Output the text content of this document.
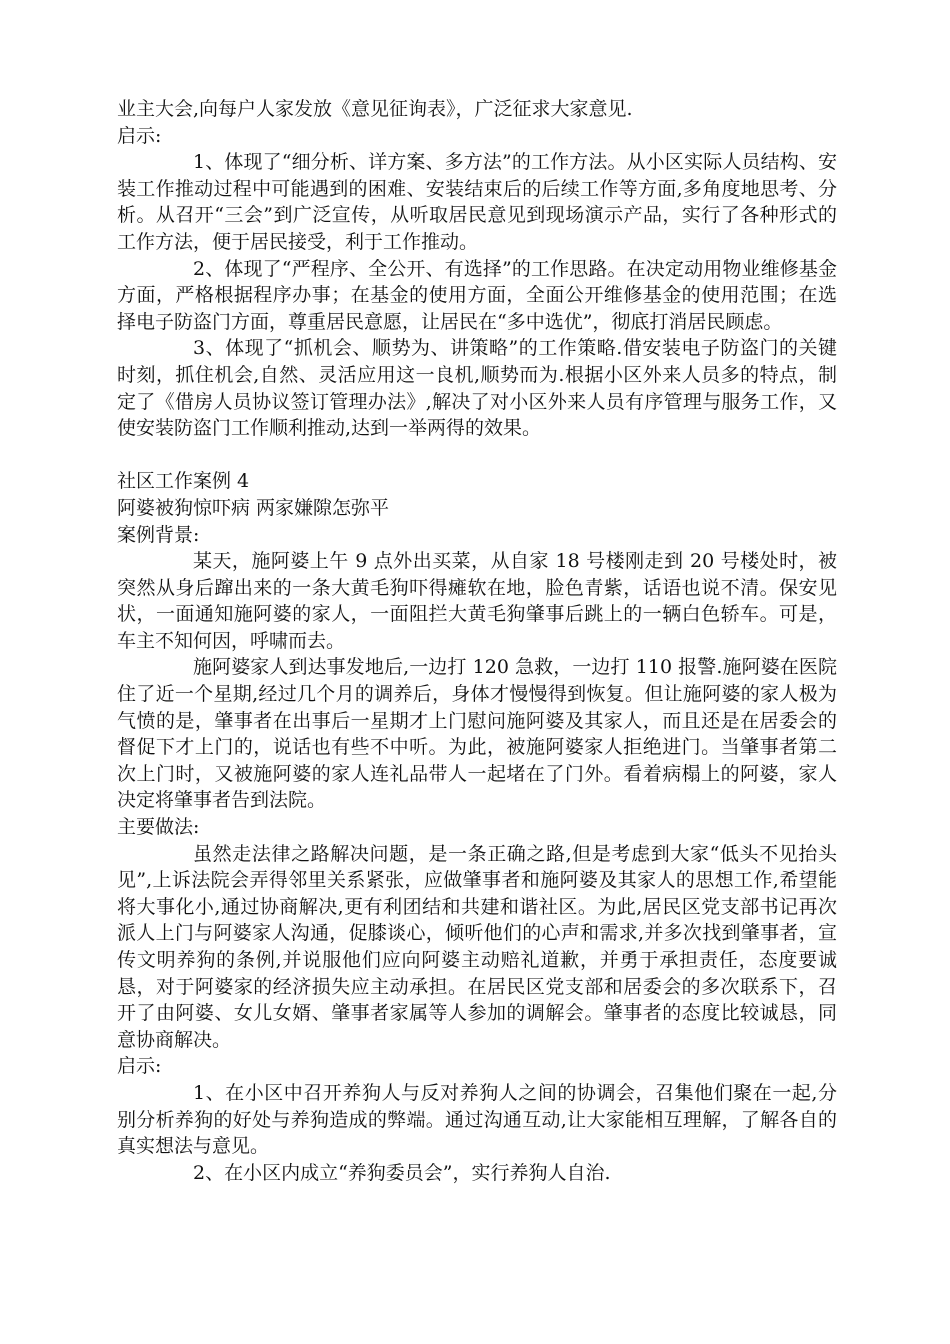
业主大会,向每户人家发放《意见征询表》，广泛征求大家意见.

启示:

1、体现了“细分析、详方案、多方法”的工作方法。从小区实际人员结构、安装工作推动过程中可能遇到的困难、安装结束后的后续工作等方面,多角度地思考、分析。从召开“三会”到广泛宣传，从听取居民意见到现场演示产品，实行了各种形式的工作方法，便于居民接受，利于工作推动。

2、体现了“严程序、全公开、有选择”的工作思路。在决定动用物业维修基金方面，严格根据程序办事；在基金的使用方面，全面公开维修基金的使用范围；在选择电子防盗门方面，尊重居民意愿，让居民在“多中选优”，彻底打消居民顾虑。

3、体现了“抓机会、顺势为、讲策略”的工作策略.借安装电子防盗门的关键时刻，抓住机会,自然、灵活应用这一良机,顺势而为.根据小区外来人员多的特点，制定了《借房人员协议签订管理办法》,解决了对小区外来人员有序管理与服务工作，又使安装防盗门工作顺利推动,达到一举两得的效果。

社区工作案例 4

阿婆被狗惊吓病 两家嫌隙怎弥平

案例背景:

某天，施阿婆上午 9 点外出买菜，从自家 18 号楼刚走到 20 号楼处时，被突然从身后蹿出来的一条大黄毛狗吓得瘫软在地，脸色青紫，话语也说不清。保安见状，一面通知施阿婆的家人，一面阻拦大黄毛狗肇事后跳上的一辆白色轿车。可是，车主不知何因，呼啸而去。

施阿婆家人到达事发地后,一边打 120 急救，一边打 110 报警.施阿婆在医院住了近一个星期,经过几个月的调养后，身体才慢慢得到恢复。但让施阿婆的家人极为气愤的是，肇事者在出事后一星期才上门慰问施阿婆及其家人，而且还是在居委会的督促下才上门的，说话也有些不中听。为此，被施阿婆家人拒绝进门。当肇事者第二次上门时，又被施阿婆的家人连礼品带人一起堵在了门外。看着病榻上的阿婆，家人决定将肇事者告到法院。

主要做法:

虽然走法律之路解决问题，是一条正确之路,但是考虑到大家“低头不见抬头见”,上诉法院会弄得邻里关系紧张，应做肇事者和施阿婆及其家人的思想工作,希望能将大事化小,通过协商解决,更有利团结和共建和谐社区。为此,居民区党支部书记再次派人上门与阿婆家人沟通，促膝谈心，倾听他们的心声和需求,并多次找到肇事者，宣传文明养狗的条例,并说服他们应向阿婆主动赔礼道歉，并勇于承担责任，态度要诚恳，对于阿婆家的经济损失应主动承担。在居民区党支部和居委会的多次联系下，召开了由阿婆、女儿女婿、肇事者家属等人参加的调解会。肇事者的态度比较诚恳，同意协商解决。

启示:

1、在小区中召开养狗人与反对养狗人之间的协调会，召集他们聚在一起,分别分析养狗的好处与养狗造成的弊端。通过沟通互动,让大家能相互理解，了解各自的真实想法与意见。

2、在小区内成立“养狗委员会”，实行养狗人自治.
